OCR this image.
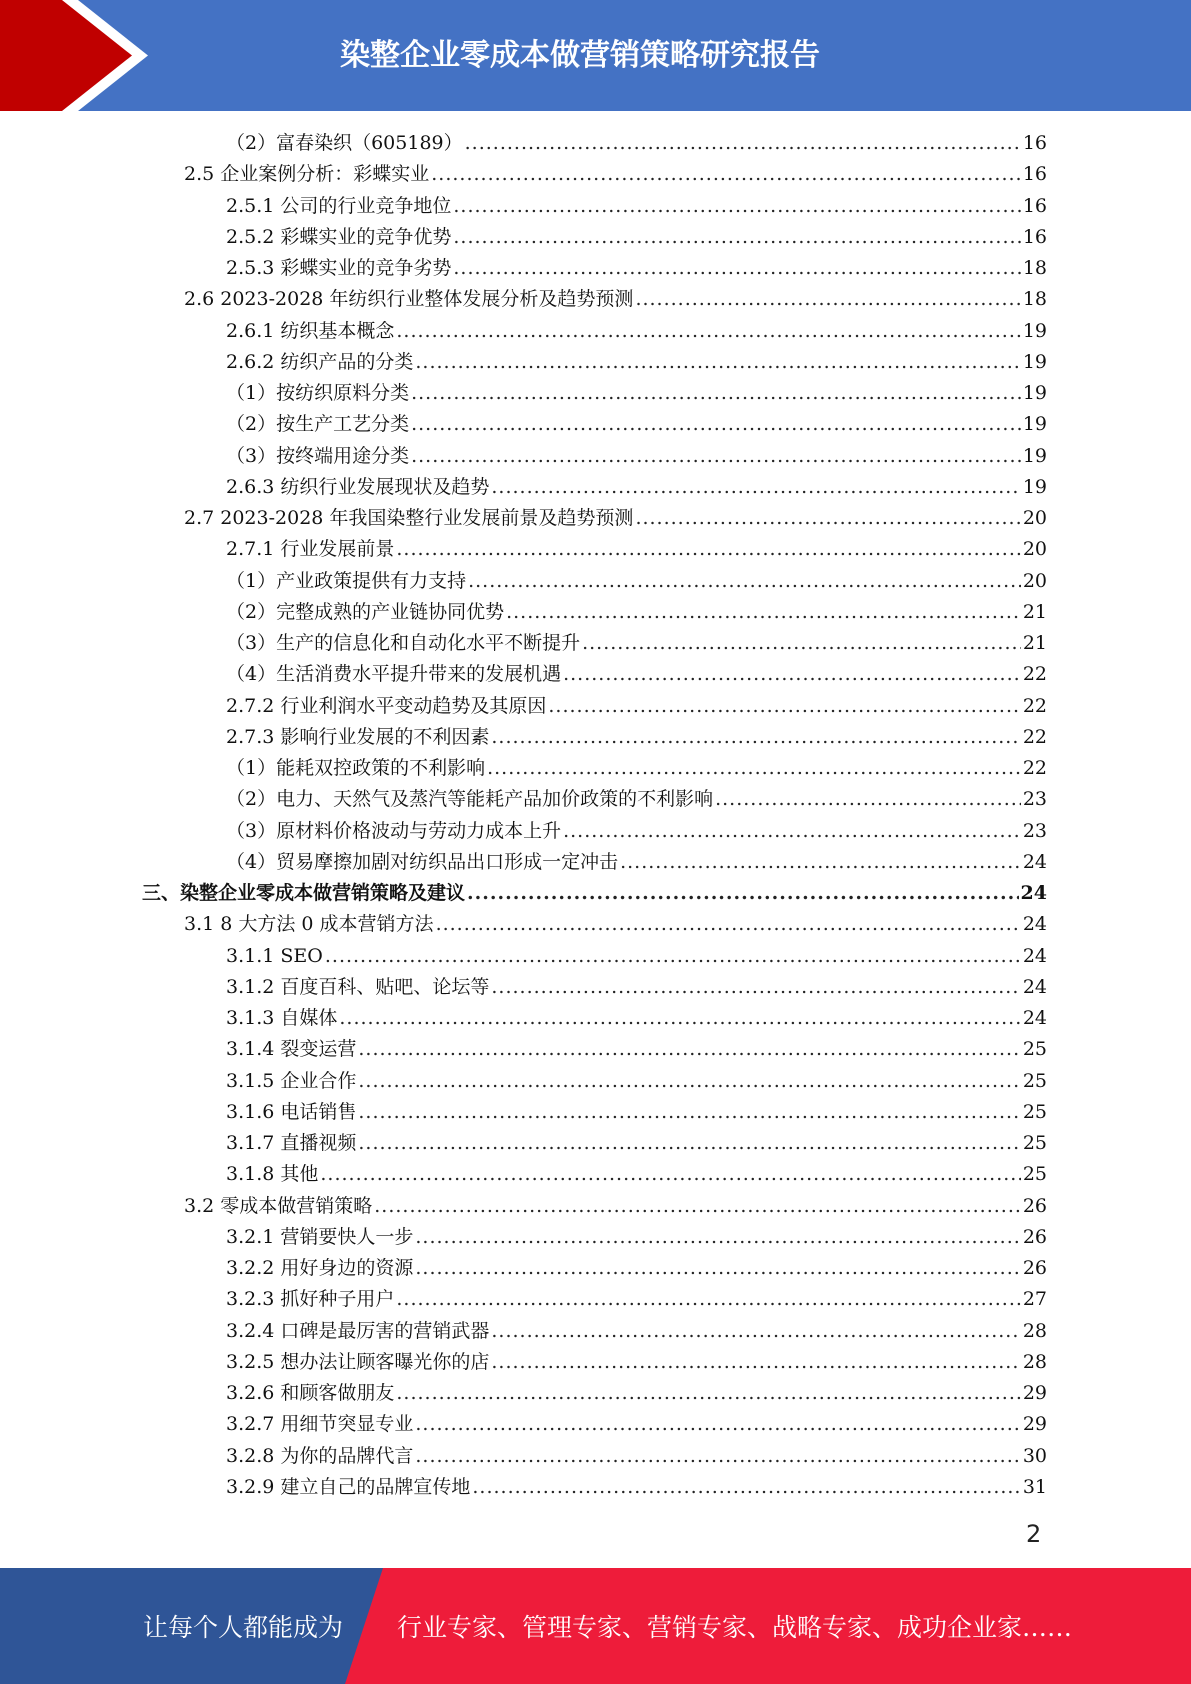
染整企业零成本做营销策略研究报告
（2）富春染织（605189） .....	16
2.5 企业案例分析：彩蝶实业 .....	16
2.5.1 公司的行业竞争地位 .....	16
2.5.2 彩蝶实业的竞争优势 .....	16
2.5.3 彩蝶实业的竞争劣势 .....	18
2.6 2023-2028 年纺织行业整体发展分析及趋势预测 .....	18
2.6.1 纺织基本概念 .....	19
2.6.2 纺织产品的分类 .....	19
（1）按纺织原料分类 .....	19
（2）按生产工艺分类 .....	19
（3）按终端用途分类 .....	19
2.6.3 纺织行业发展现状及趋势 .....	19
2.7 2023-2028 年我国染整行业发展前景及趋势预测 .....	20
2.7.1 行业发展前景 .....	20
（1）产业政策提供有力支持 .....	20
（2）完整成熟的产业链协同优势 .....	21
（3）生产的信息化和自动化水平不断提升 .....	21
（4）生活消费水平提升带来的发展机遇 .....	22
2.7.2 行业利润水平变动趋势及其原因 .....	22
2.7.3 影响行业发展的不利因素 .....	22
（1）能耗双控政策的不利影响 .....	22
（2）电力、天然气及蒸汽等能耗产品加价政策的不利影响 .....	23
（3）原材料价格波动与劳动力成本上升 .....	23
（4）贸易摩擦加剧对纺织品出口形成一定冲击 .....	24
三、染整企业零成本做营销策略及建议 .....	24
3.1 8 大方法 0 成本营销方法 .....	24
3.1.1 SEO .....	24
3.1.2 百度百科、贴吧、论坛等 .....	24
3.1.3 自媒体 .....	24
3.1.4 裂变运营 .....	25
3.1.5 企业合作 .....	25
3.1.6 电话销售 .....	25
3.1.7 直播视频 .....	25
3.1.8 其他 .....	25
3.2 零成本做营销策略 .....	26
3.2.1 营销要快人一步 .....	26
3.2.2 用好身边的资源 .....	26
3.2.3 抓好种子用户 .....	27
3.2.4 口碑是最厉害的营销武器 .....	28
3.2.5 想办法让顾客曝光你的店 .....	28
3.2.6 和顾客做朋友 .....	29
3.2.7 用细节突显专业 .....	29
3.2.8 为你的品牌代言 .....	30
3.2.9 建立自己的品牌宣传地 .....	31
2
让每个人都能成为 行业专家、管理专家、营销专家、战略专家、成功企业家……
